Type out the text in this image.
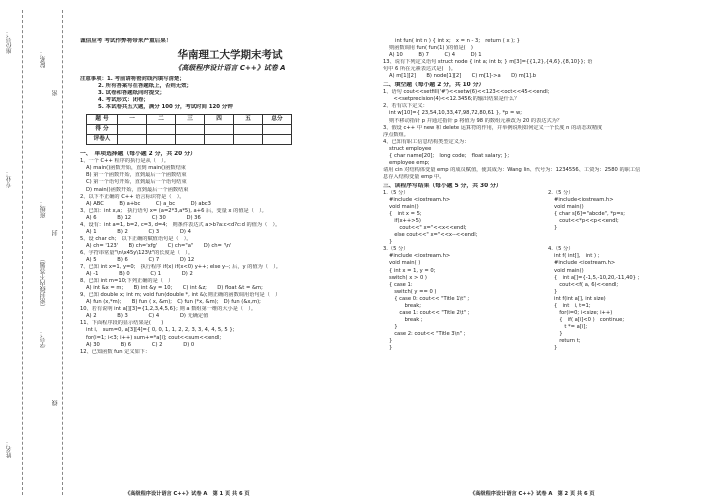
座位号：
专业：
姓名：
院系：
班级：
（密封线内不答题）
学号：
密
封
线

诚信应考 考试作弊将带来严重后果！

华南理工大学期末考试

《高级程序设计语言 C++》试卷 A

注意事项：1. 考前请将密封线内填写清楚；

2. 所有答案写在答题纸上，否则无效；

3. 试卷和答题纸同时提交；

4. 考试形式：闭卷；

5. 本试卷共五大题，满分 100 分，考试时间 120 分钟

题 号	一	二	三	四	五	总分
得 分						
评卷人						

一、　单项选择题（每小题 2 分，共 20 分）

1、一个 C++ 程序的执行是从（　）。

A) main()函数开始，直到 main()函数结束

B) 第一个函数开始，直到最后一个函数结束

C) 第一个语句开始，直到最后一个语句结束

D) main()函数开始，直到最后一个函数结束

2、以下不正确的 C++ 语言标识符是（　）。

A) ABC　　　B) a+bc　　　C) a_bc　　　D) abc3

3、已知：int x,a;　执行语句 x= (a=2*3,a*5), a+6 后，变量 x 的值是（　）。

A) 6　　　　B) 12　　　　C) 30　　　　D) 36

4、设有：int a=1, b=2, c=3, d=4;　则条件表达式 a>b?a:c<d?c:d 的值为（　）。

A) 1　　　　B) 2　　　　C) 3　　　　D) 4

5、设 char ch;　以下正确的赋值语句是（　）。

A) ch= '123'　　B) ch='xfg'　　C) ch="a"　　D) ch= '\n'

6、字符串常量"\n\x45y\123\t"的长度是（　）。

A) 5　　　　B) 6　　　　C) 7　　　　D) 12

7、已知 int x=1, y=0;　执行程序 if(x) if(x<0) y++; else y--; 后，y 的值为（　）。

A) -1　　　　B) 0　　　　C) 1　　　　D) 2

8、已知 int m=10;下列正确的是（　）

A) int &x = m;　　B) int &y = 10;　　C) int &z;　　D) float &t = &m;

9、已知 double x; int m; void fun(double *, int &);则正确的函数调用语句是（　）

A) fun (x,*m);　　B) fun ( x, &m);　C) fun (*x, &m);　D) fun (&x,m);

10、若有说明 int a[][3]={1,2,3,4,5,6}; 则 a 数组第一维的大小是（　）。

A) 2　　　　B) 3　　　　C) 4　　　　D) 无确定值

11、下面程序段的显示结果是(　　)

int i,　sum=0, a[3][4]={ 0, 0, 1, 1, 2, 2, 3, 3, 4, 4, 5, 5 };

for(i=1; i<3; i++) sum+=*a[i]; cout<<sum<<endl;

A) 30　　　　B) 6　　　　C) 2　　　　D) 0

12、已知函数 fun 定义如下：

int fun( int n ) { int x;　x = n - 3;　return ( x ); }

则函数调用 fun( fun(1) )的值是(　)

A) 10　　　B) 7　　　C) 4　　　D) 1

13、说有下列定义语句 struct node { int a; int b; } m[3]={{1,2},{4,6},{8,10}}; 语

句中 6 所在元素表达式是(　)。

A) m[1][2]　　B) node[1][2]　　C) m[1]->a　　D) m[1].b

二、填空题（每小题 2 分，共 10 分）

1、语句 cout<<setfill('#')<<setw(6)<<123<<oct<<45<<endl;

　　<<setprecision(4)<<12.3456;的输出结果是什么？

2、若有以下定义：

int w[10]={ 23,54,10,33,47,98,72,80,61 }, *p = w;

则不移动指针 p 并通过指针 p 将值为 98 的数组元素改为 20 的表达式为？

3、假设 c++ 中 new 和 delete 运算符的作用，并举例说明如何定义一个长度 n 的动态双精度

浮点数组。

4、已知有职工信息结构类型定义为：

struct employee

{ char name[20];　long code;　float salary; };

employee emp;

请用 cin 对结构体变量 emp 的成员赋值，使其成为：Wang lin、代号为：1234556、工资为：2580 的职工信

息存入结构变量 emp 中。

三、读程序写结果（每小题 5 分，共 30 分）

1.（5 分）

#include <iostream.h>

void main()

{　int x = 5;

　if(x++>5)

　　cout<<" x="<<x<<endl;

　else cout<<" x="<<x--<<endl;

}

2.（5 分）

#include<iostream.h>

void main()

{ char s[6]="abcde", *p=s;

　cout<<*p<<p<<endl;

}

3.（5 分）

#include <iostream.h>

void main( )

{ int x = 1, y = 0;

switch( x > 0 )

{ case 1:

　switch( y == 0 )

　{ case 0: cout<< "Title 1\t" ;

　　　break;

　　case 1: cout<< "Title 2\t" ;

　　　break ;

　}

　case 2: cout<< "Title 3\n" ;

}

}

4.（5 分）

int f( int[],　int ) ;

#include <iostream.h>

void main()

{　int a[]={-1,5,-10,20,-11,40} ;

　cout<<f( a, 6)<<endl;

}

int f(int a[], int size)

{　int　i, t=1;

　for(i=0; i<size; i++)

　{　if( a[i]<0 )　continue;

　　t *= a[i];

　}

　return t;

}

《高级程序设计语言 C++》试卷 A　第 1 页 共 6 页	《高级程序设计语言 C++》试卷 A　第 2 页 共 6 页
